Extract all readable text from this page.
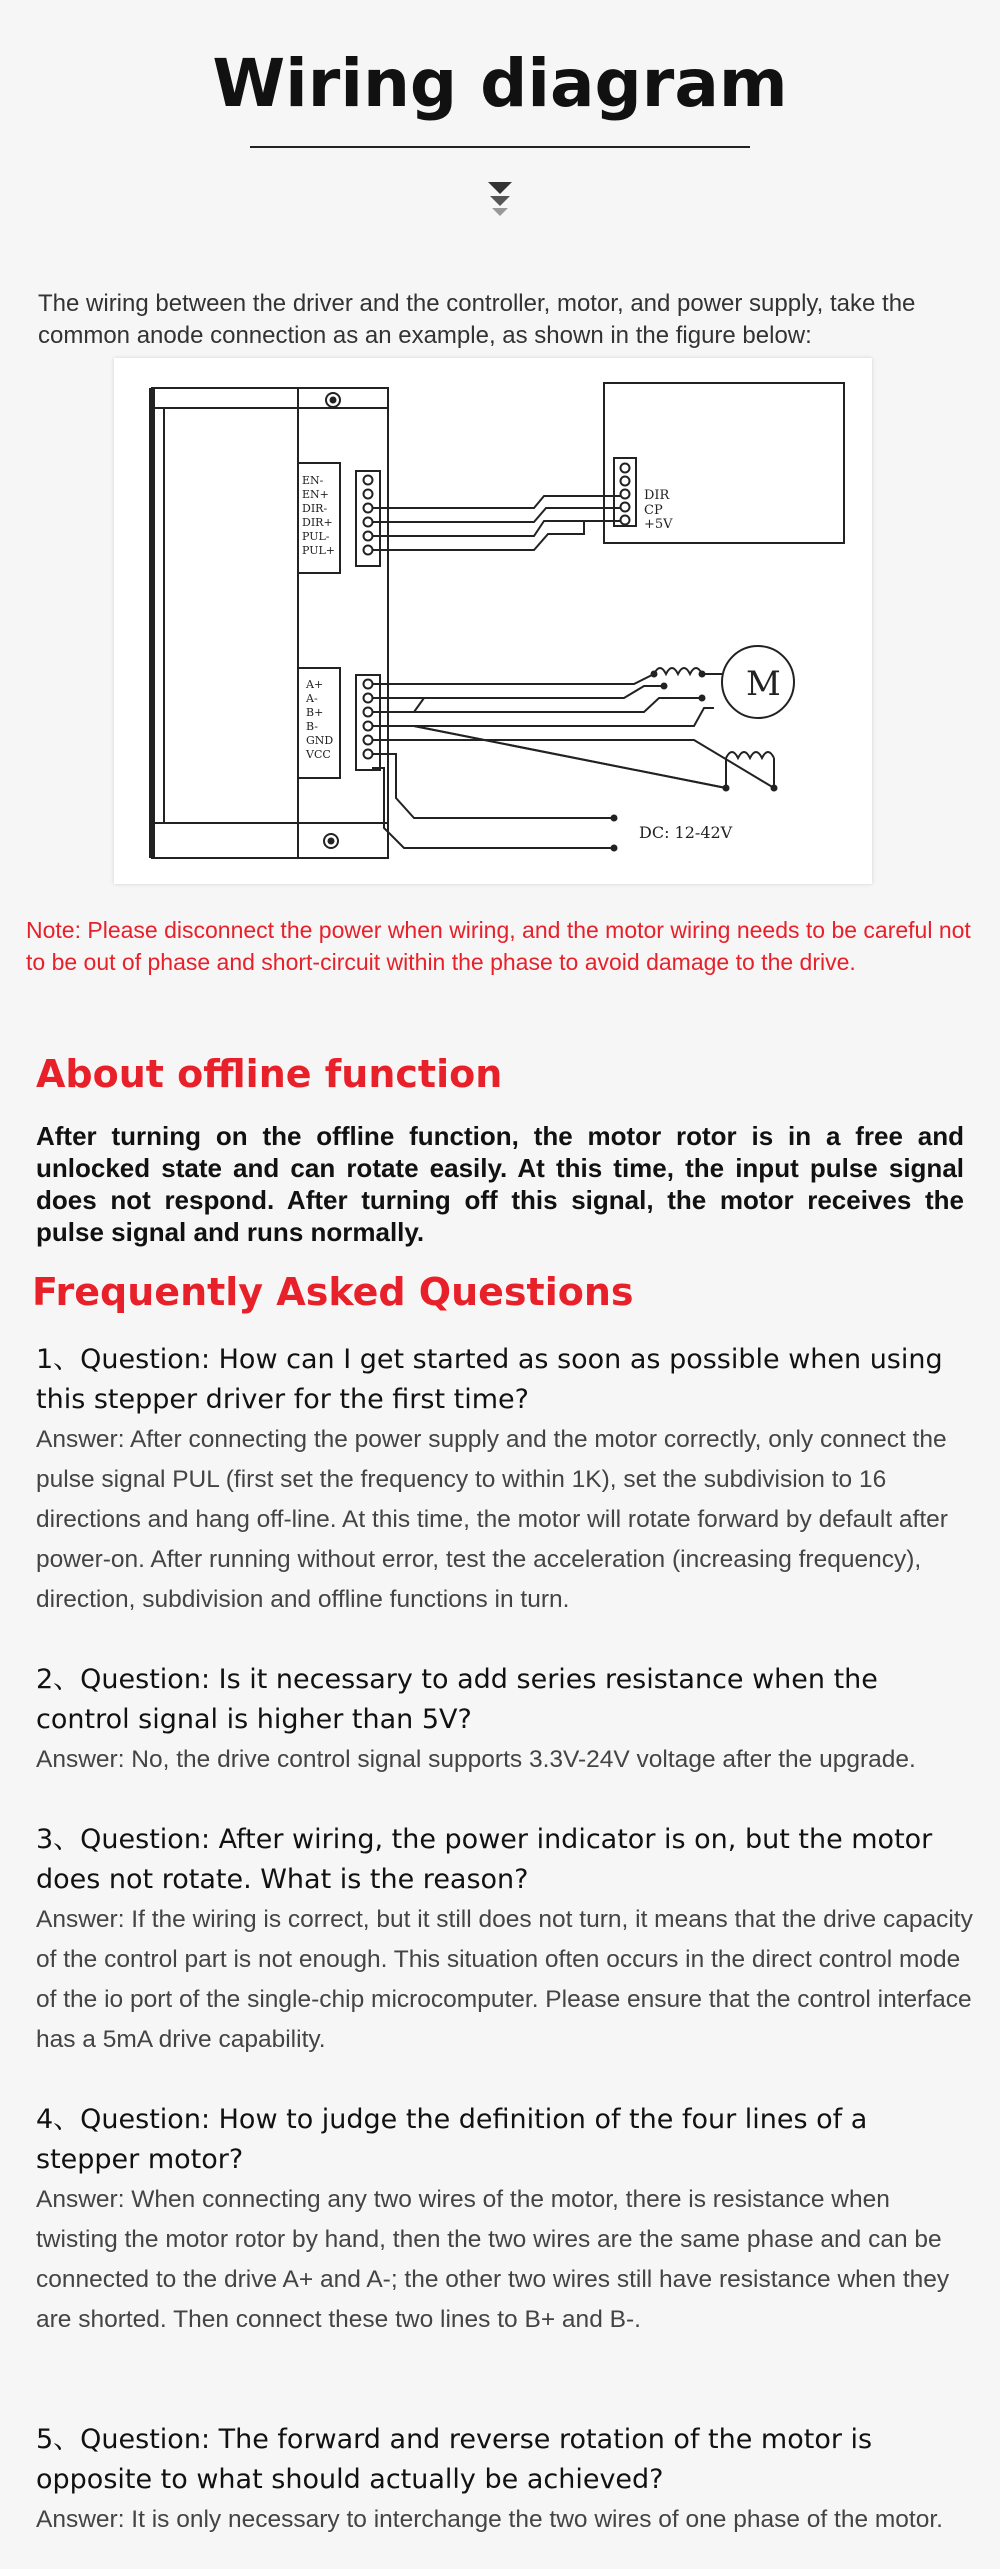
Wiring diagram
The wiring between the driver and the controller, motor, and power supply, take the common anode connection as an example, as shown in the figure below:
EN-
EN+
DIR-
DIR+
PUL-
PUL+
A+
A-
B+
B-
GND
VCC
DIR
CP
+5V
M
DC: 12-42V
Note: Please disconnect the power when wiring, and the motor wiring needs to be careful not to be out of phase and short-circuit within the phase to avoid damage to the drive.
About offline function
After turning on the offline function, the motor rotor is in a free and unlocked state and can rotate easily. At this time, the input pulse signal does not respond. After turning off this signal, the motor receives the pulse signal and runs normally.
Frequently Asked Questions

1、Question: How can I get started as soon as possible when using this stepper driver for the first time?

Answer: After connecting the power supply and the motor correctly, only connect the pulse signal PUL (first set the frequency to within 1K), set the subdivision to 16 directions and hang off-line. At this time, the motor will rotate forward by default after power-on. After running without error, test the acceleration (increasing frequency), direction, subdivision and offline functions in turn.

2、Question: Is it necessary to add series resistance when the control signal is higher than 5V?

Answer: No, the drive control signal supports 3.3V-24V voltage after the upgrade.

3、Question: After wiring, the power indicator is on, but the motor does not rotate. What is the reason?

Answer: If the wiring is correct, but it still does not turn, it means that the drive capacity of the control part is not enough. This situation often occurs in the direct control mode of the io port of the single-chip microcomputer. Please ensure that the control interface has a 5mA drive capability.

4、Question: How to judge the definition of the four lines of a stepper motor?

Answer: When connecting any two wires of the motor, there is resistance when twisting the motor rotor by hand, then the two wires are the same phase and can be connected to the drive A+ and A-; the other two wires still have resistance when they are shorted. Then connect these two lines to B+ and B-.

5、Question: The forward and reverse rotation of the motor is opposite to what should actually be achieved?

Answer: It is only necessary to interchange the two wires of one phase of the motor.
